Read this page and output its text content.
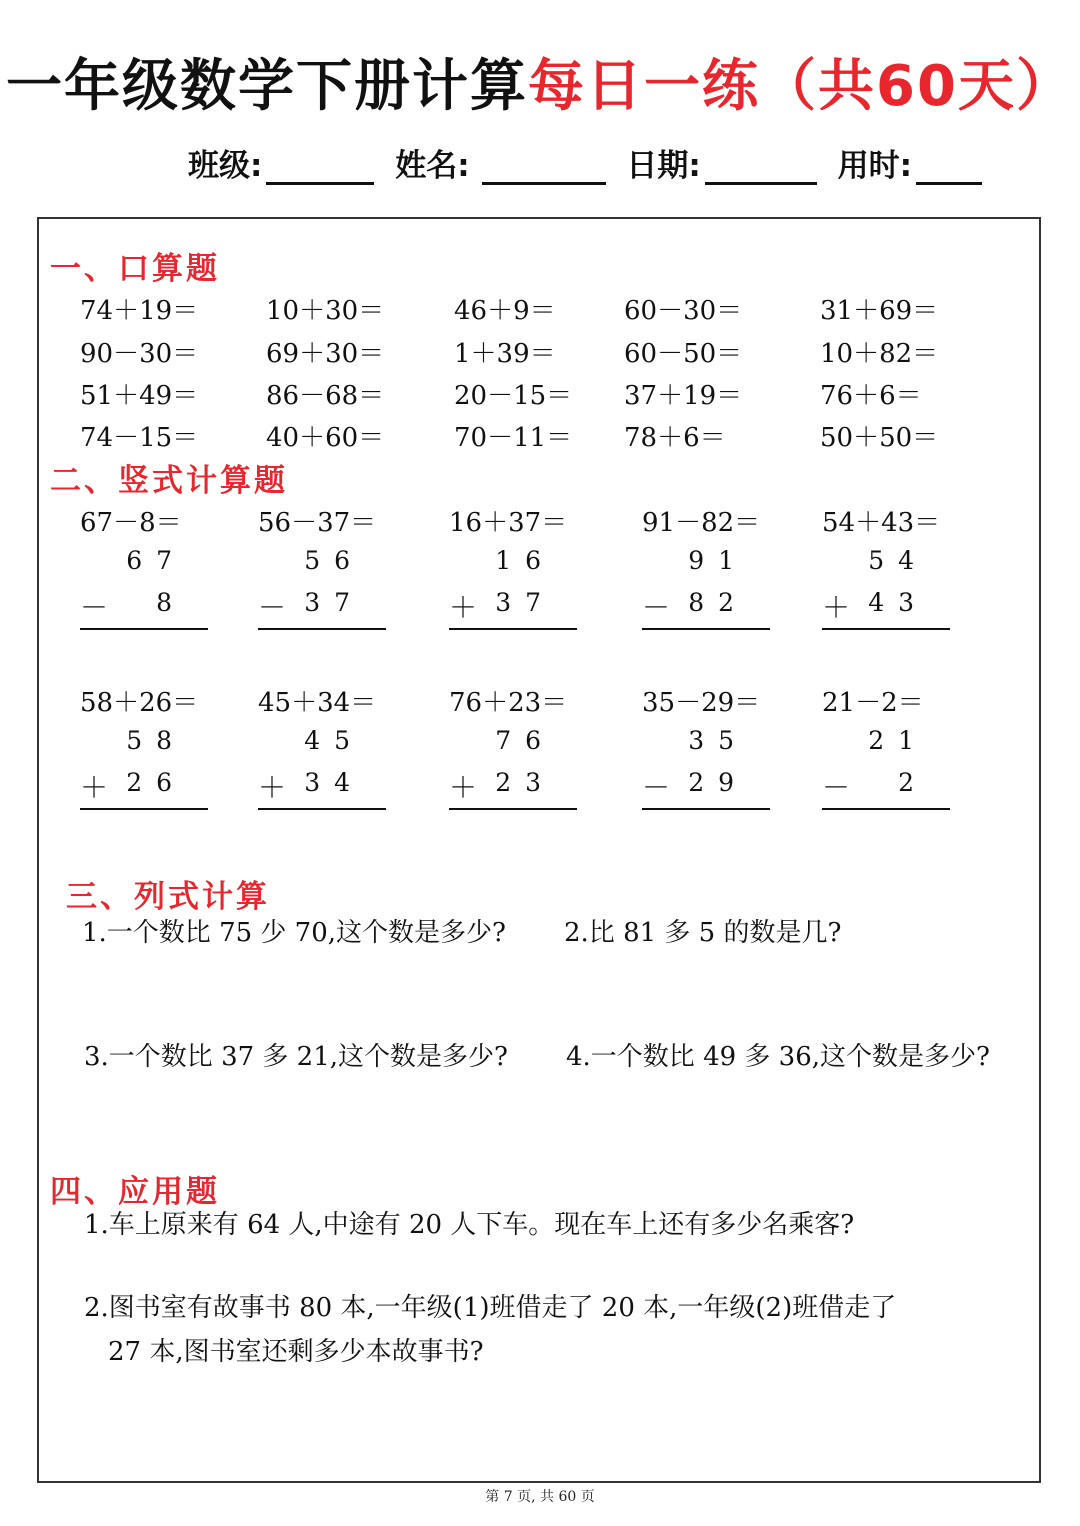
一年级数学下册计算每日一练（共60天）
班级:	姓名:	日期:	用时:
一、口算题
74＋19＝	10＋30＝	46＋9＝	60－30＝	31＋69＝
90－30＝	69＋30＝	1＋39＝	60－50＝	10＋82＝
51＋49＝	86－68＝	20－15＝ 37＋19＝	76＋6＝
74－15＝	40＋60＝	70－11＝ 78＋6＝	50＋50＝
二、竖式计算题
67－8＝
67
－ 8
56－37＝
56
－ 37
16＋37＝
16
＋ 37
91－82＝
91
－ 82
54＋43＝
54
＋ 43
58＋26＝
58
＋ 26
45＋34＝
45
＋ 34
76＋23＝
76
＋ 23
35－29＝
35
－ 29
21－2＝
21
－ 2
三、列式计算
1.一个数比 75 少 70,这个数是多少? 2.比 81 多 5 的数是几?
3.一个数比 37 多 21,这个数是多少? 4.一个数比 49 多 36,这个数是多少?
四、应用题
1.车上原来有 64 人,中途有 20 人下车。现在车上还有多少名乘客?
2.图书室有故事书 80 本,一年级(1)班借走了 20 本,一年级(2)班借走了
27 本,图书室还剩多少本故事书?
第 7 页, 共 60 页
